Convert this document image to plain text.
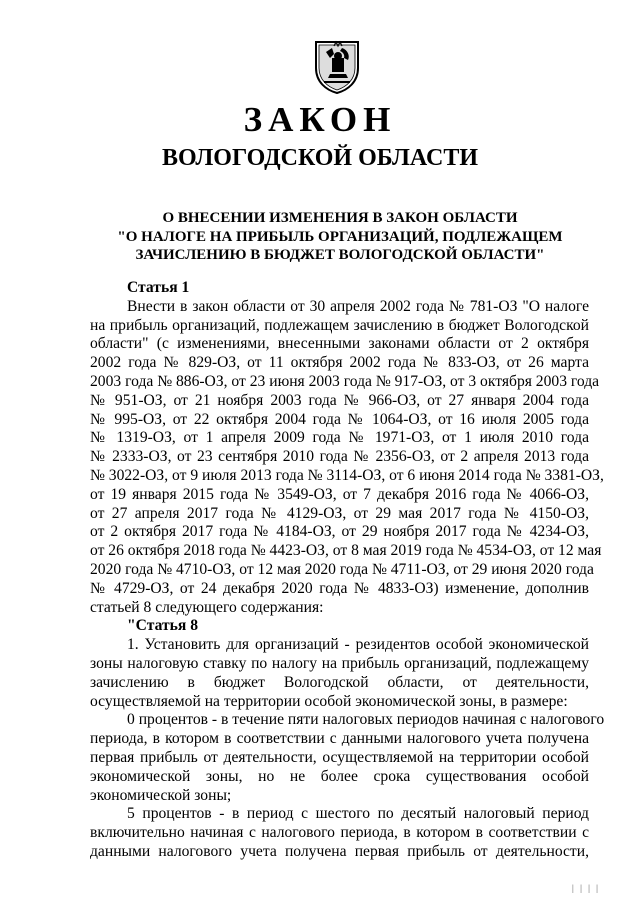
ЗАКОН
ВОЛОГОДСКОЙ ОБЛАСТИ
О ВНЕСЕНИИ ИЗМЕНЕНИЯ В ЗАКОН ОБЛАСТИ
"О НАЛОГЕ НА ПРИБЫЛЬ ОРГАНИЗАЦИЙ, ПОДЛЕЖАЩЕМ
ЗАЧИСЛЕНИЮ В БЮДЖЕТ ВОЛОГОДСКОЙ ОБЛАСТИ"
Статья 1
Внести в закон области от 30 апреля 2002 года № 781-ОЗ "О налоге
на прибыль организаций, подлежащем зачислению в бюджет Вологодской
области" (с изменениями, внесенными законами области от 2 октября
2002 года № 829-ОЗ, от 11 октября 2002 года № 833-ОЗ, от 26 марта
2003 года № 886-ОЗ, от 23 июня 2003 года № 917-ОЗ, от 3 октября 2003 года
№ 951-ОЗ, от 21 ноября 2003 года № 966-ОЗ, от 27 января 2004 года
№ 995-ОЗ, от 22 октября 2004 года № 1064-ОЗ, от 16 июля 2005 года
№ 1319-ОЗ, от 1 апреля 2009 года № 1971-ОЗ, от 1 июля 2010 года
№ 2333-ОЗ, от 23 сентября 2010 года № 2356-ОЗ, от 2 апреля 2013 года
№ 3022-ОЗ, от 9 июля 2013 года № 3114-ОЗ, от 6 июня 2014 года № 3381-ОЗ,
от 19 января 2015 года № 3549-ОЗ, от 7 декабря 2016 года № 4066-ОЗ,
от 27 апреля 2017 года № 4129-ОЗ, от 29 мая 2017 года № 4150-ОЗ,
от 2 октября 2017 года № 4184-ОЗ, от 29 ноября 2017 года № 4234-ОЗ,
от 26 октября 2018 года № 4423-ОЗ, от 8 мая 2019 года № 4534-ОЗ, от 12 мая
2020 года № 4710-ОЗ, от 12 мая 2020 года № 4711-ОЗ, от 29 июня 2020 года
№ 4729-ОЗ, от 24 декабря 2020 года № 4833-ОЗ) изменение, дополнив
статьей 8 следующего содержания:
"Статья 8
1. Установить для организаций - резидентов особой экономической
зоны налоговую ставку по налогу на прибыль организаций, подлежащему
зачислению в бюджет Вологодской области, от деятельности,
осуществляемой на территории особой экономической зоны, в размере:
0 процентов - в течение пяти налоговых периодов начиная с налогового
периода, в котором в соответствии с данными налогового учета получена
первая прибыль от деятельности, осуществляемой на территории особой
экономической зоны, но не более срока существования особой
экономической зоны;
5 процентов - в период с шестого по десятый налоговый период
включительно начиная с налогового периода, в котором в соответствии с
данными налогового учета получена первая прибыль от деятельности,
| | | |
